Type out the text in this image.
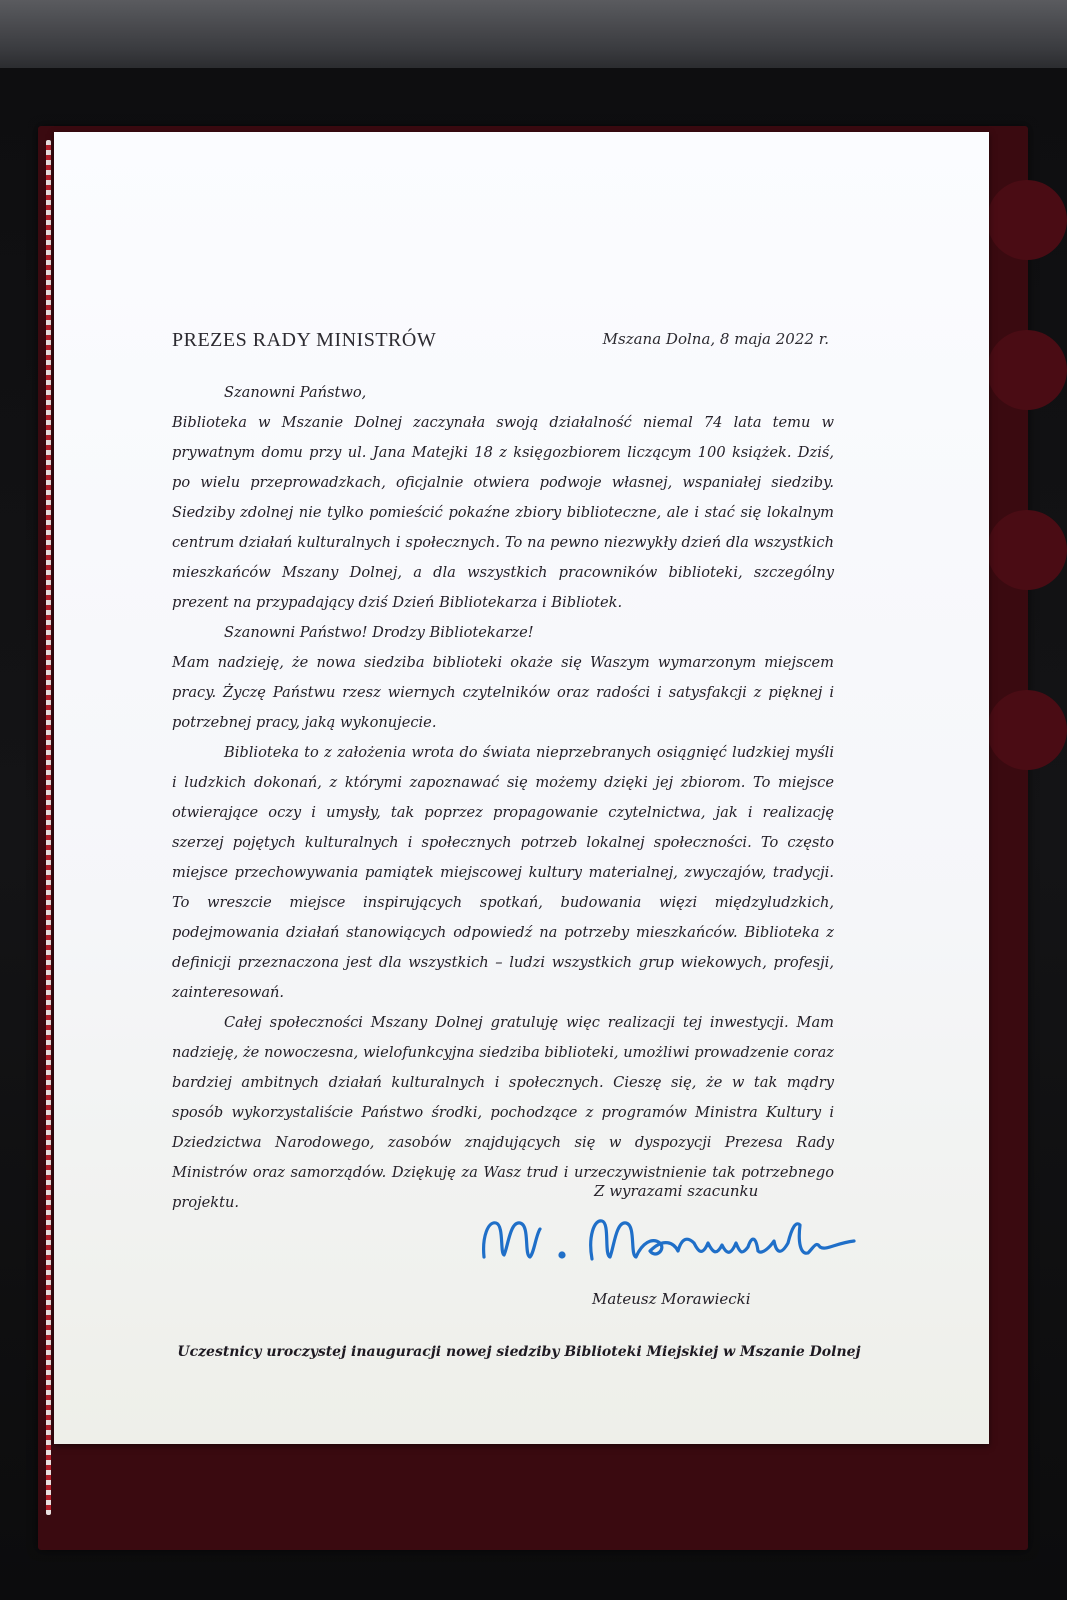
PREZES RADY MINISTRÓW	Mszana Dolna, 8 maja 2022 r.

Szanowni Państwo,

Biblioteka w Mszanie Dolnej zaczynała swoją działalność niemal 74 lata temu w prywatnym domu przy ul. Jana Matejki 18 z księgozbiorem liczącym 100 książek. Dziś, po wielu przeprowadzkach, oficjalnie otwiera podwoje własnej, wspaniałej siedziby. Siedziby zdolnej nie tylko pomieścić pokaźne zbiory biblioteczne, ale i stać się lokalnym centrum działań kulturalnych i społecznych. To na pewno niezwykły dzień dla wszystkich mieszkańców Mszany Dolnej, a dla wszystkich pracowników biblioteki, szczególny prezent na przypadający dziś Dzień Bibliotekarza i Bibliotek.

Szanowni Państwo! Drodzy Bibliotekarze!

Mam nadzieję, że nowa siedziba biblioteki okaże się Waszym wymarzonym miejscem pracy. Życzę Państwu rzesz wiernych czytelników oraz radości i satysfakcji z pięknej i potrzebnej pracy, jaką wykonujecie.

Biblioteka to z założenia wrota do świata nieprzebranych osiągnięć ludzkiej myśli i ludzkich dokonań, z którymi zapoznawać się możemy dzięki jej zbiorom. To miejsce otwierające oczy i umysły, tak poprzez propagowanie czytelnictwa, jak i realizację szerzej pojętych kulturalnych i społecznych potrzeb lokalnej społeczności. To często miejsce przechowywania pamiątek miejscowej kultury materialnej, zwyczajów, tradycji. To wreszcie miejsce inspirujących spotkań, budowania więzi międzyludzkich, podejmowania działań stanowiących odpowiedź na potrzeby mieszkańców. Biblioteka z definicji przeznaczona jest dla wszystkich – ludzi wszystkich grup wiekowych, profesji, zainteresowań.

Całej społeczności Mszany Dolnej gratuluję więc realizacji tej inwestycji. Mam nadzieję, że nowoczesna, wielofunkcyjna siedziba biblioteki, umożliwi prowadzenie coraz bardziej ambitnych działań kulturalnych i społecznych. Cieszę się, że w tak mądry sposób wykorzystaliście Państwo środki, pochodzące z programów Ministra Kultury i Dziedzictwa Narodowego, zasobów znajdujących się w dyspozycji Prezesa Rady Ministrów oraz samorządów. Dziękuję za Wasz trud i urzeczywistnienie tak potrzebnego projektu.

Z wyrazami szacunku
Mateusz Morawiecki
Uczestnicy uroczystej inauguracji nowej siedziby Biblioteki Miejskiej w Mszanie Dolnej
